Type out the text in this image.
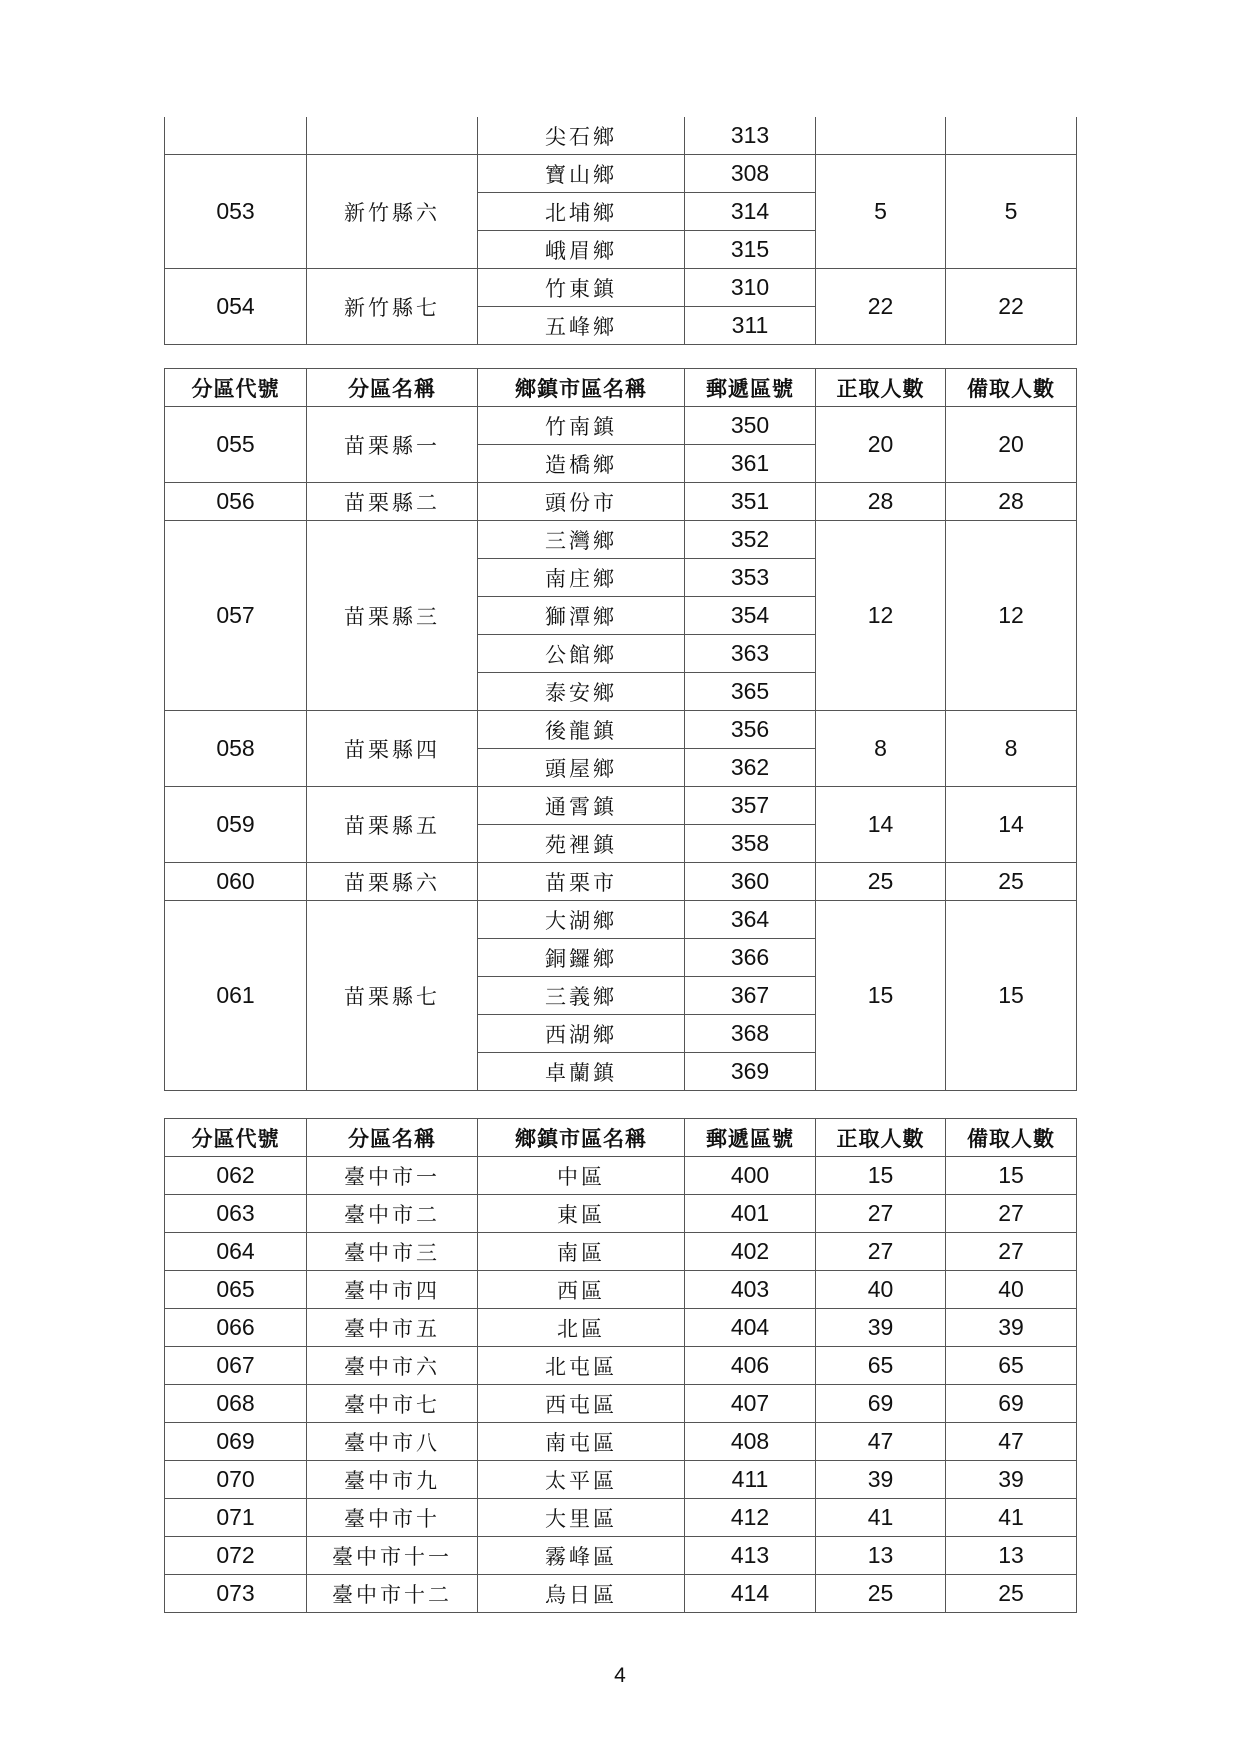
		尖石鄉	313		
053	新竹縣六	寶山鄉	308	5	5
		北埔鄉	314		
		峨眉鄉	315		
054	新竹縣七	竹東鎮	310	22	22
		五峰鄉	311		
分區代號	分區名稱	鄉鎮市區名稱	郵遞區號	正取人數	備取人數
055	苗栗縣一	竹南鎮	350	20	20
		造橋鄉	361		
056	苗栗縣二	頭份市	351	28	28
057	苗栗縣三	三灣鄉	352	12	12
		南庄鄉	353		
		獅潭鄉	354		
		公館鄉	363		
		泰安鄉	365		
058	苗栗縣四	後龍鎮	356	8	8
		頭屋鄉	362		
059	苗栗縣五	通霄鎮	357	14	14
		苑裡鎮	358		
060	苗栗縣六	苗栗市	360	25	25
061	苗栗縣七	大湖鄉	364	15	15
		銅鑼鄉	366		
		三義鄉	367		
		西湖鄉	368		
		卓蘭鎮	369		
分區代號	分區名稱	鄉鎮市區名稱	郵遞區號	正取人數	備取人數
062	臺中市一	中區	400	15	15
063	臺中市二	東區	401	27	27
064	臺中市三	南區	402	27	27
065	臺中市四	西區	403	40	40
066	臺中市五	北區	404	39	39
067	臺中市六	北屯區	406	65	65
068	臺中市七	西屯區	407	69	69
069	臺中市八	南屯區	408	47	47
070	臺中市九	太平區	411	39	39
071	臺中市十	大里區	412	41	41
072	臺中市十一	霧峰區	413	13	13
073	臺中市十二	烏日區	414	25	25
4
